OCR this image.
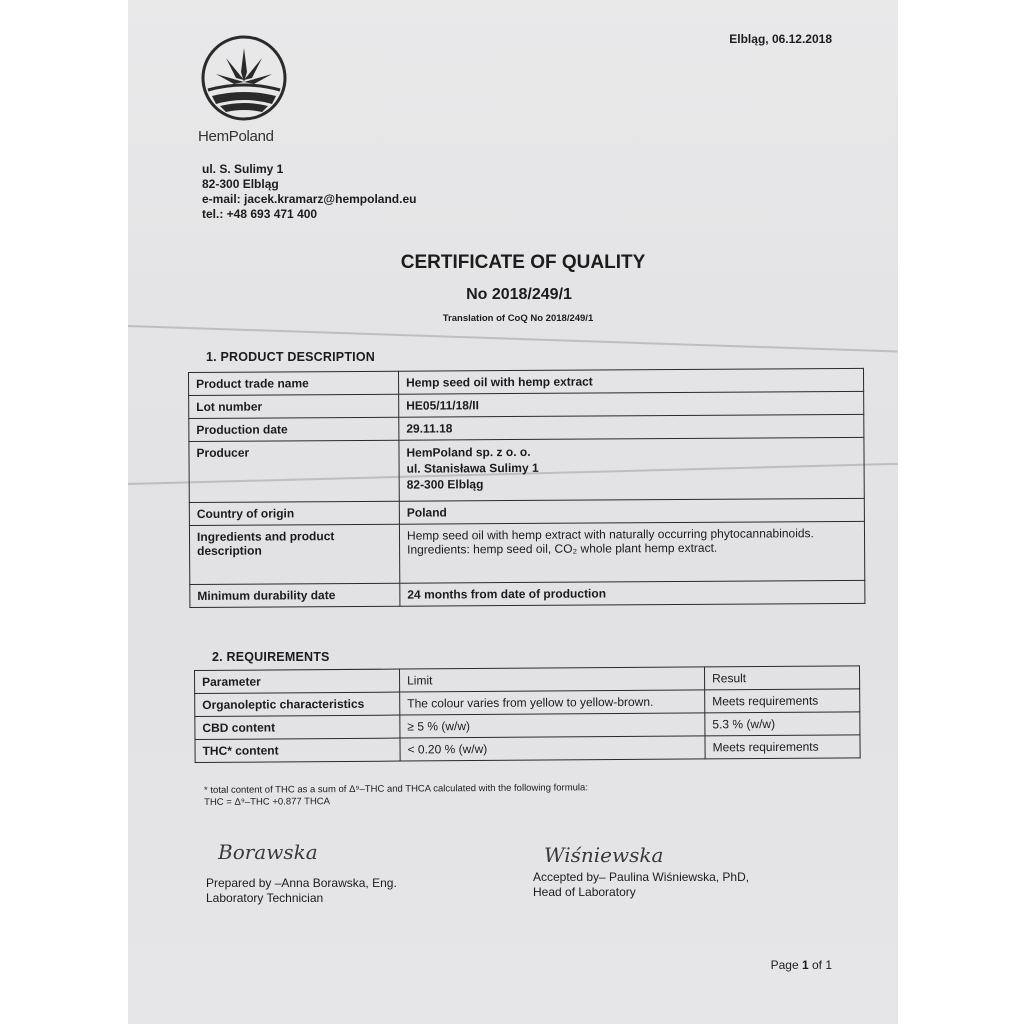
Elbląg, 06.12.2018
HemPoland
ul. S. Sulimy 1
82-300 Elbląg
e-mail: jacek.kramarz@hempoland.eu
tel.: +48 693 471 400
CERTIFICATE OF QUALITY
No 2018/249/1
Translation of CoQ No 2018/249/1
1. PRODUCT DESCRIPTION
Product trade name	Hemp seed oil with hemp extract
Lot number	HE05/11/18/II
Production date	29.11.18
Producer	HemPoland sp. z o. o.
ul. Stanisława Sulimy 1
82-300 Elbląg

Country of origin	Poland
Ingredients and product description	Hemp seed oil with hemp extract with naturally occurring phytocannabinoids.
Ingredients: hemp seed oil, CO₂ whole plant hemp extract.

Minimum durability date	24 months from date of production
2. REQUIREMENTS
Parameter	Limit	Result
Organoleptic characteristics	The colour varies from yellow to yellow-brown.	Meets requirements
CBD content	≥ 5 % (w/w)	5.3 % (w/w)
THC* content	< 0.20 % (w/w)	Meets requirements
* total content of THC as a sum of Δ⁹–THC and THCA calculated with the following formula:
THC = Δ⁹–THC +0.877 THCA
Borawska
Prepared by –Anna Borawska, Eng.
Laboratory Technician
Wiśniewska
Accepted by– Paulina Wiśniewska, PhD,
Head of Laboratory
Page 1 of 1
